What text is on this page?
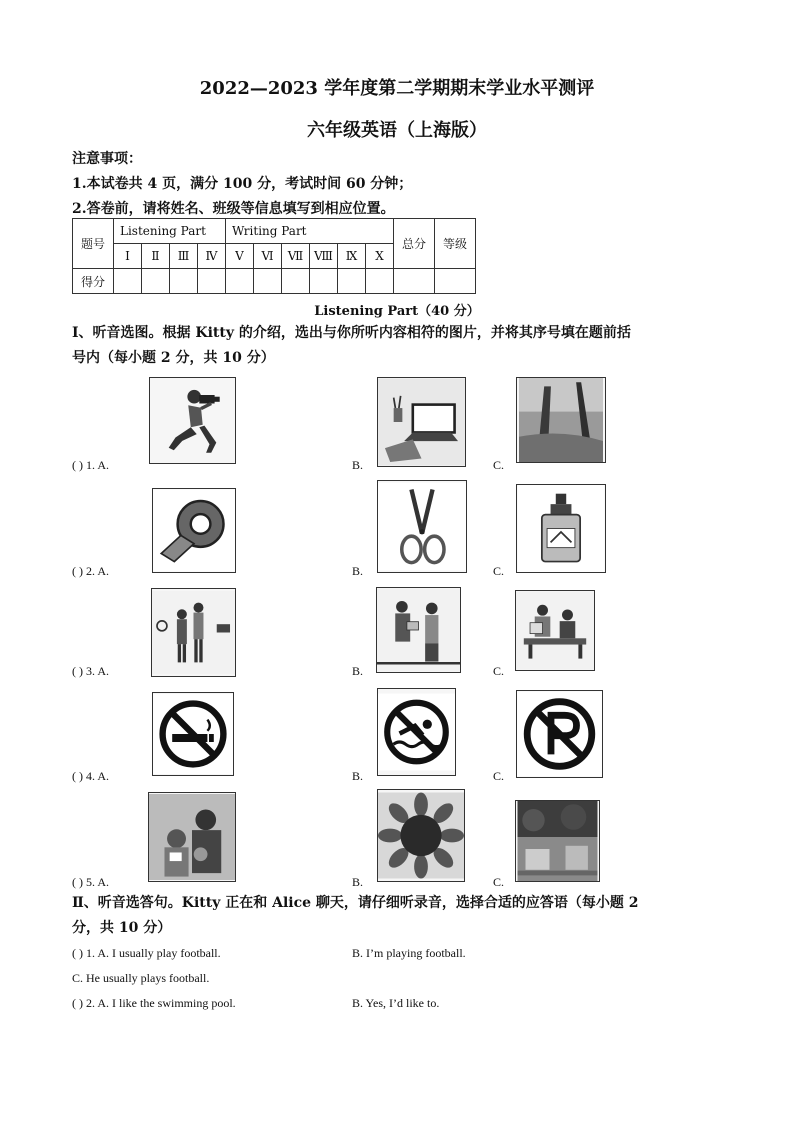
2022—2023 学年度第二学期期末学业水平测评
六年级英语（上海版）
注意事项：
1.本试卷共 4 页，满分 100 分，考试时间 60 分钟；
2.答卷前，请将姓名、班级等信息填写到相应位置。
题号	Listening Part				Writing Part						总分	等级
	Ⅰ	Ⅱ	Ⅲ	Ⅳ	Ⅴ	Ⅵ	Ⅶ	Ⅷ	Ⅸ	Ⅹ		
得分												
Listening Part（40 分）
Ⅰ、听音选图。根据 Kitty 的介绍，选出与你所听内容相符的图片，并将其序号填在题前括
号内（每小题 2 分，共 10 分）
( ) 1. A.	B.	C.
( ) 2. A.	B.	C.
( ) 3. A.	B.	C.
( ) 4. A.	B.	C.
( ) 5. A.	B.	C.
Ⅱ、听音选答句。Kitty 正在和 Alice 聊天，请仔细听录音，选择合适的应答语（每小题 2
分，共 10 分）
( ) 1. A. I usually play football.	B. I’m playing football.
C. He usually plays football.
( ) 2. A. I like the swimming pool.	B. Yes, I’d like to.
